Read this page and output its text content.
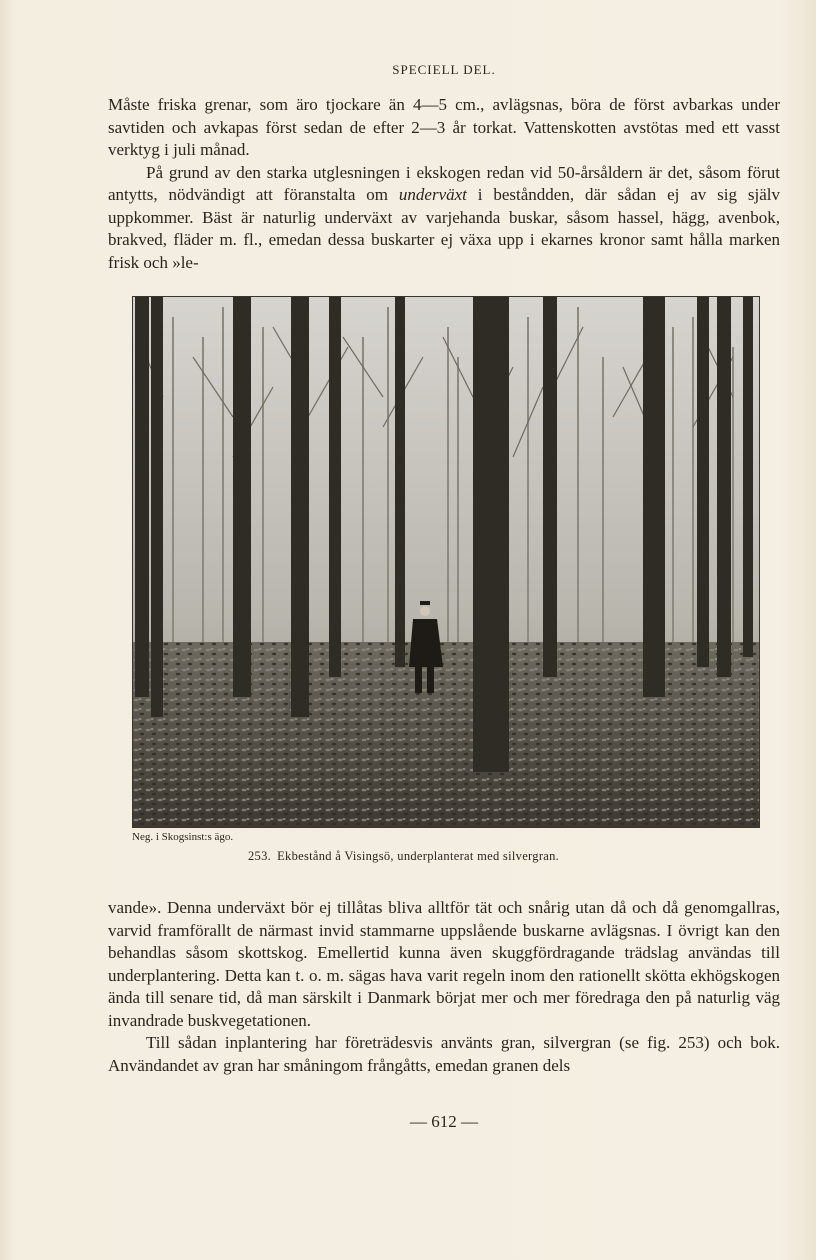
SPECIELL DEL.

Måste friska grenar, som äro tjockare än 4—5 cm., avlägsnas, böra de först avbarkas under savtiden och avkapas först sedan de efter 2—3 år torkat. Vattenskotten avstötas med ett vasst verktyg i juli månad.
På grund av den starka utglesningen i ekskogen redan vid 50-årsåldern är det, såsom förut antytts, nödvändigt att föranstalta om underväxt i beståndden, där sådan ej av sig själv uppkommer. Bäst är naturlig underväxt av varjehanda buskar, såsom hassel, hägg, avenbok, brakved, fläder m. fl., emedan dessa buskarter ej växa upp i ekarnes kronor samt hålla marken frisk och »le-

Neg. i Skogsinst:s ägo.
253. Ekbestånd å Visingsö, underplanterat med silvergran.

vande». Denna underväxt bör ej tillåtas bliva alltför tät och snårig utan då och då genomgallras, varvid framförallt de närmast invid stammarne uppslående buskarne avlägsnas. I övrigt kan den behandlas såsom skottskog. Emellertid kunna även skuggfördragande trädslag användas till underplantering. Detta kan t. o. m. sägas hava varit regeln inom den rationellt skötta ekhögskogen ända till senare tid, då man särskilt i Danmark börjat mer och mer föredraga den på naturlig väg invandrade buskvegetationen.
Till sådan inplantering har företrädesvis använts gran, silvergran (se fig. 253) och bok. Användandet av gran har småningom frångåtts, emedan granen dels

— 612 —
